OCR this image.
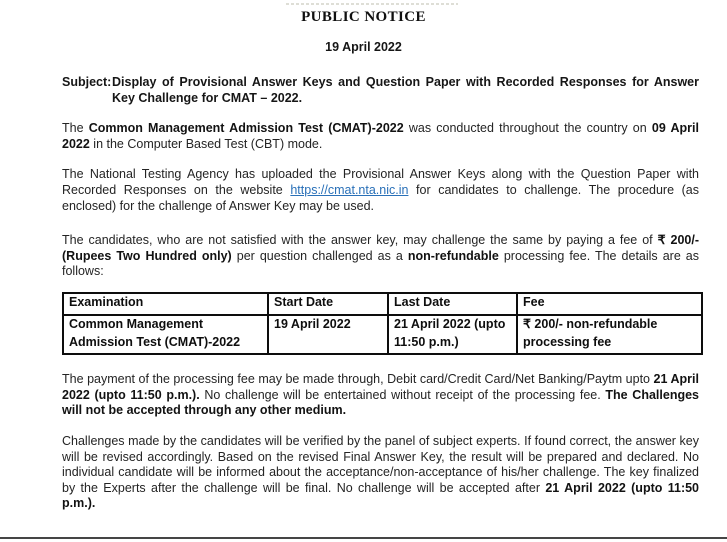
PUBLIC NOTICE
19 April 2022
Subject: Display of Provisional Answer Keys and Question Paper with Recorded Responses for Answer Key Challenge for CMAT – 2022.

The Common Management Admission Test (CMAT)-2022 was conducted throughout the country on 09 April 2022 in the Computer Based Test (CBT) mode.

The National Testing Agency has uploaded the Provisional Answer Keys along with the Question Paper with Recorded Responses on the website https://cmat.nta.nic.in for candidates to challenge. The procedure (as enclosed) for the challenge of Answer Key may be used.

The candidates, who are not satisfied with the answer key, may challenge the same by paying a fee of ₹ 200/- (Rupees Two Hundred only) per question challenged as a non-refundable processing fee. The details are as follows:

Examination	Start Date	Last Date	Fee
Common Management Admission Test (CMAT)-2022	19 April 2022	21 April 2022 (upto 11:50 p.m.)	₹ 200/- non-refundable processing fee

The payment of the processing fee may be made through, Debit card/Credit Card/Net Banking/Paytm upto 21 April 2022 (upto 11:50 p.m.). No challenge will be entertained without receipt of the processing fee. The Challenges will not be accepted through any other medium.

Challenges made by the candidates will be verified by the panel of subject experts. If found correct, the answer key will be revised accordingly. Based on the revised Final Answer Key, the result will be prepared and declared. No individual candidate will be informed about the acceptance/non-acceptance of his/her challenge. The key finalized by the Experts after the challenge will be final. No challenge will be accepted after 21 April 2022 (upto 11:50 p.m.).
